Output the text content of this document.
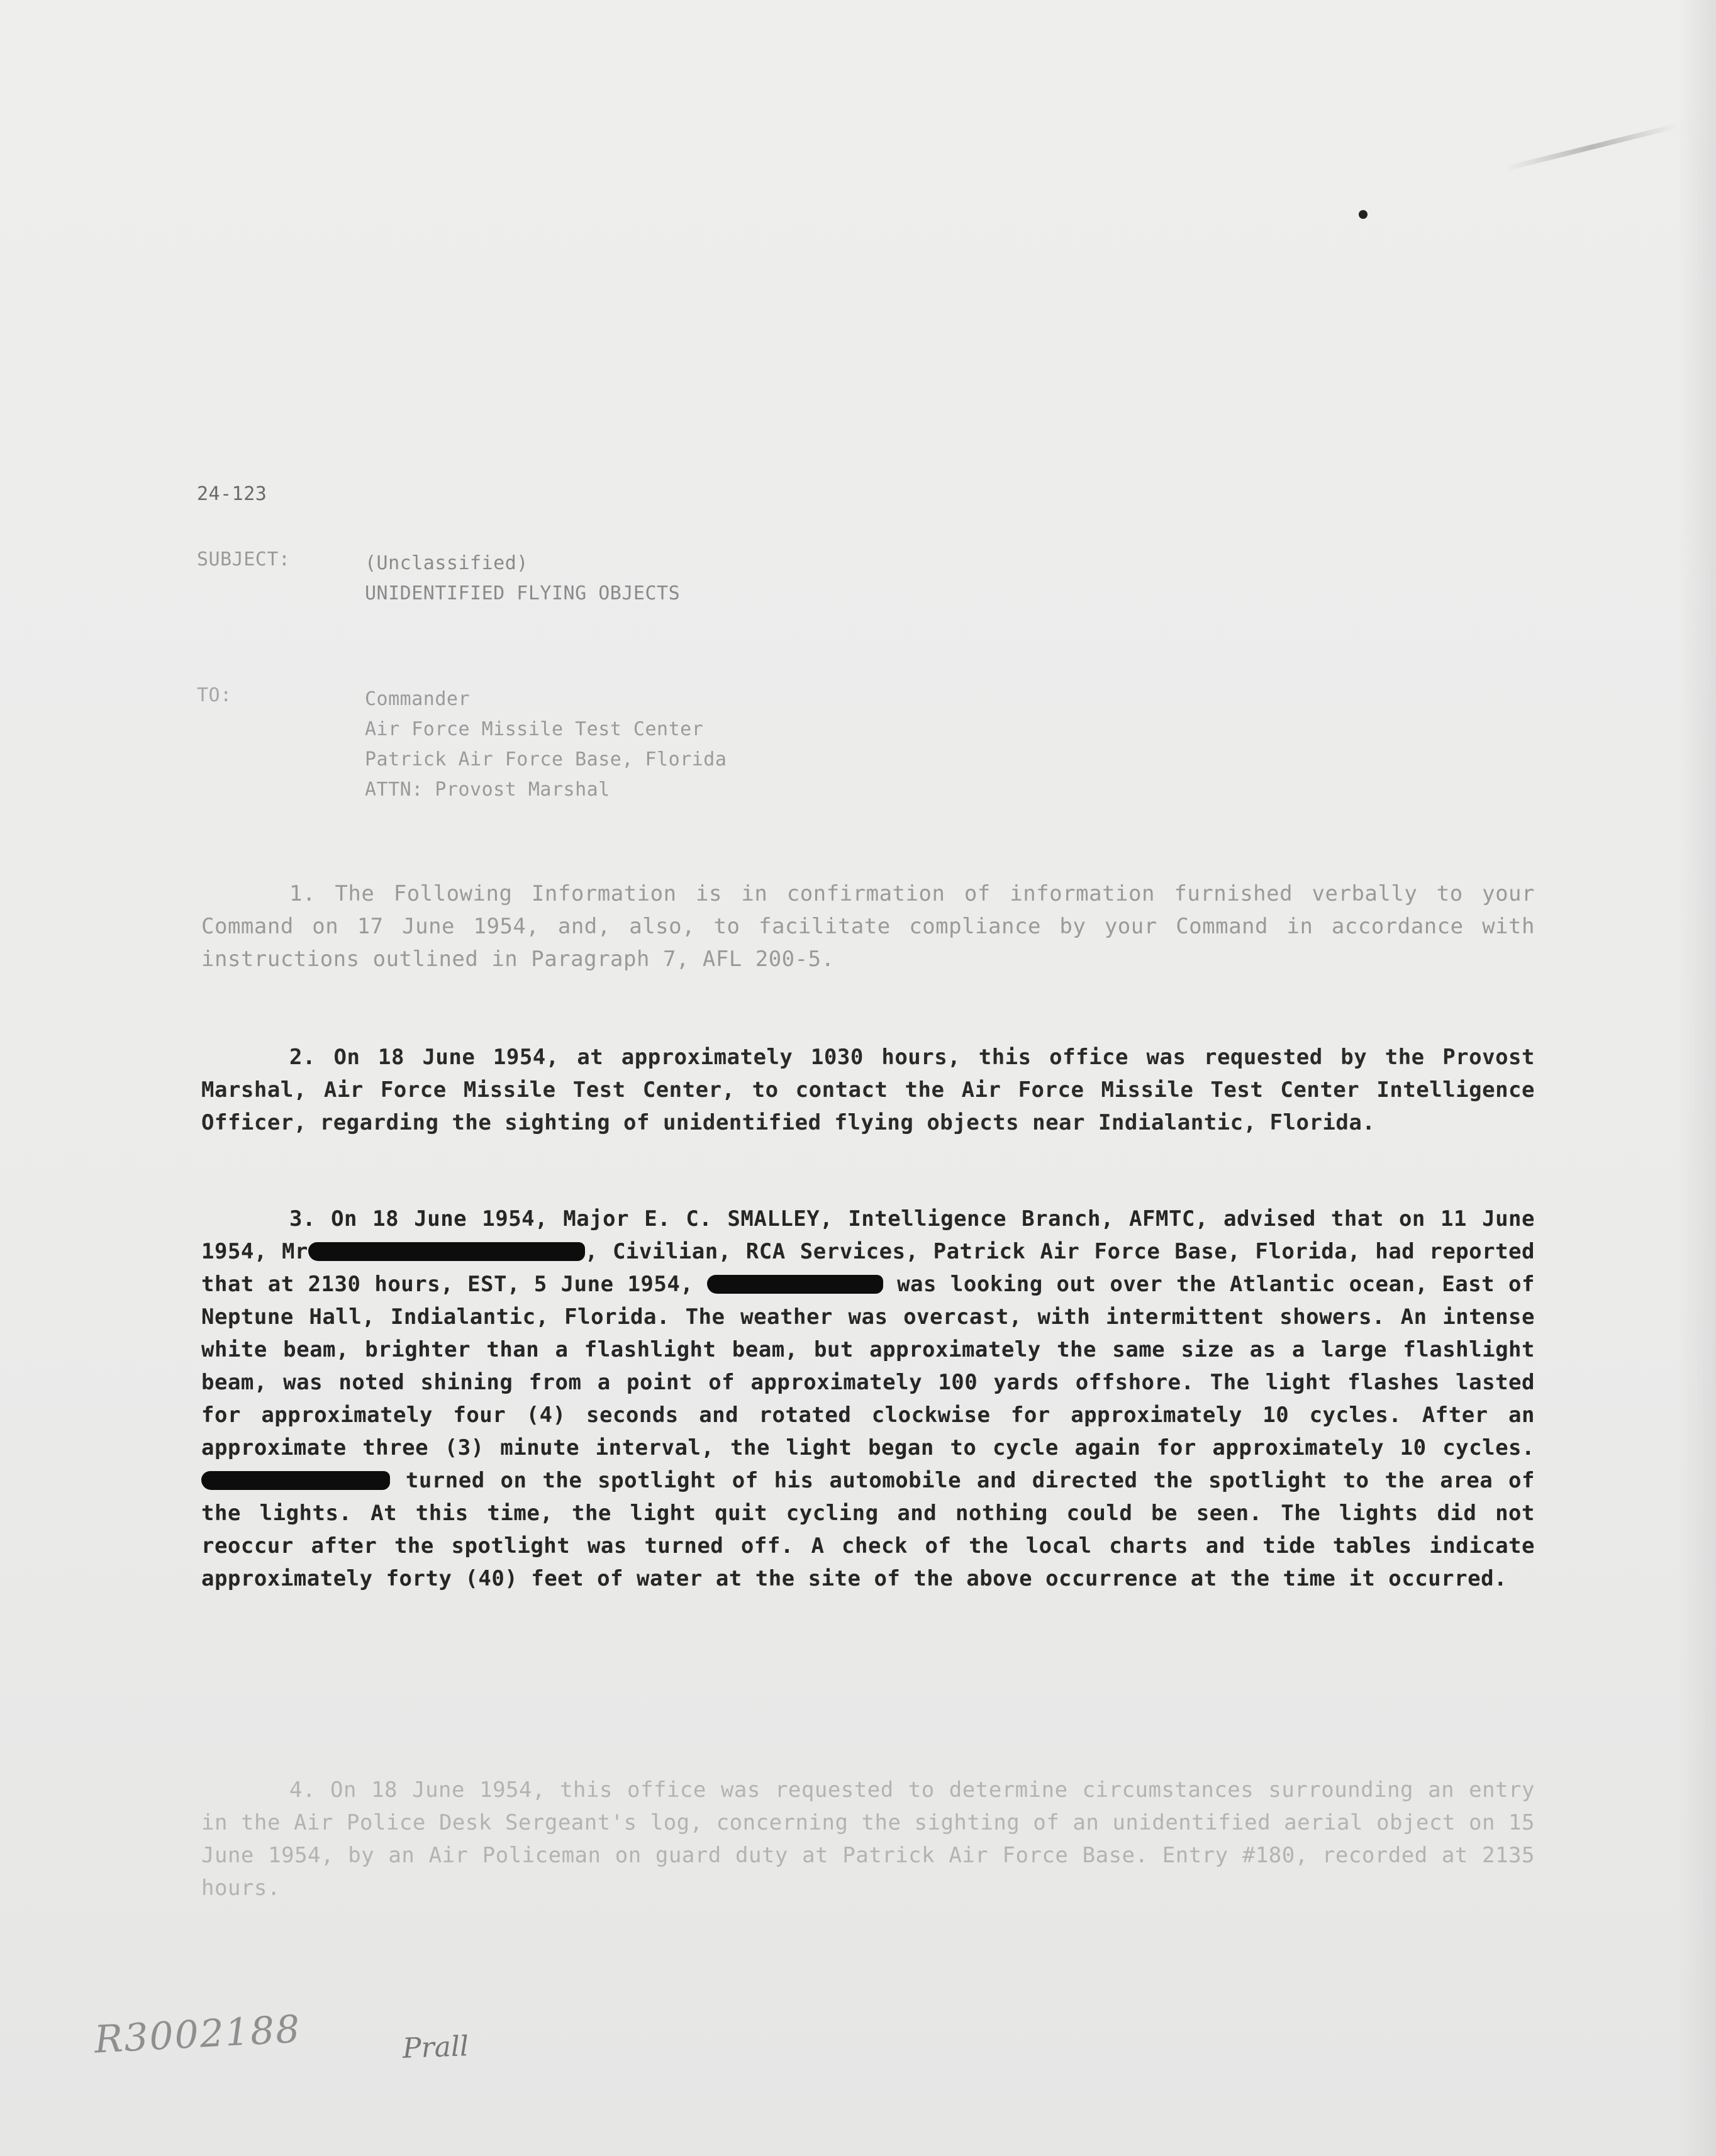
24-123
SUBJECT:	(Unclassified)
UNIDENTIFIED FLYING OBJECTS
TO:	Commander
Air Force Missile Test Center
Patrick Air Force Base, Florida
ATTN: Provost Marshal
1. The Following Information is in confirmation of information furnished verbally to your Command on 17 June 1954, and, also, to facilitate compliance by your Command in accordance with instructions outlined in Paragraph 7, AFL 200-5.
2. On 18 June 1954, at approximately 1030 hours, this office was requested by the Provost Marshal, Air Force Missile Test Center, to contact the Air Force Missile Test Center Intelligence Officer, regarding the sighting of unidentified flying objects near Indialantic, Florida.
3. On 18 June 1954, Major E. C. SMALLEY, Intelligence Branch, AFMTC, advised that on 11 June 1954, Mr	, Civilian, RCA Services, Patrick Air Force Base, Florida, had reported that at 2130 hours, EST, 5 June 1954,	was looking out over the Atlantic ocean, East of Neptune Hall, Indialantic, Florida. The weather was overcast, with intermittent showers. An intense white beam, brighter than a flashlight beam, but approximately the same size as a large flashlight beam, was noted shining from a point of approximately 100 yards offshore. The light flashes lasted for approximately four (4) seconds and rotated clockwise for approximately 10 cycles. After an approximate three (3) minute interval, the light began to cycle again for approximately 10 cycles.  turned on the spotlight of his automobile and directed the spotlight to the area of the lights. At this time, the light quit cycling and nothing could be seen. The lights did not reoccur after the spotlight was turned off. A check of the local charts and tide tables indicate approximately forty (40) feet of water at the site of the above occurrence at the time it occurred.
4. On 18 June 1954, this office was requested to determine circumstances surrounding an entry in the Air Police Desk Sergeant's log, concerning the sighting of an unidentified aerial object on 15 June 1954, by an Air Policeman on guard duty at Patrick Air Force Base. Entry #180, recorded at 2135 hours.
R3002188	Prall
